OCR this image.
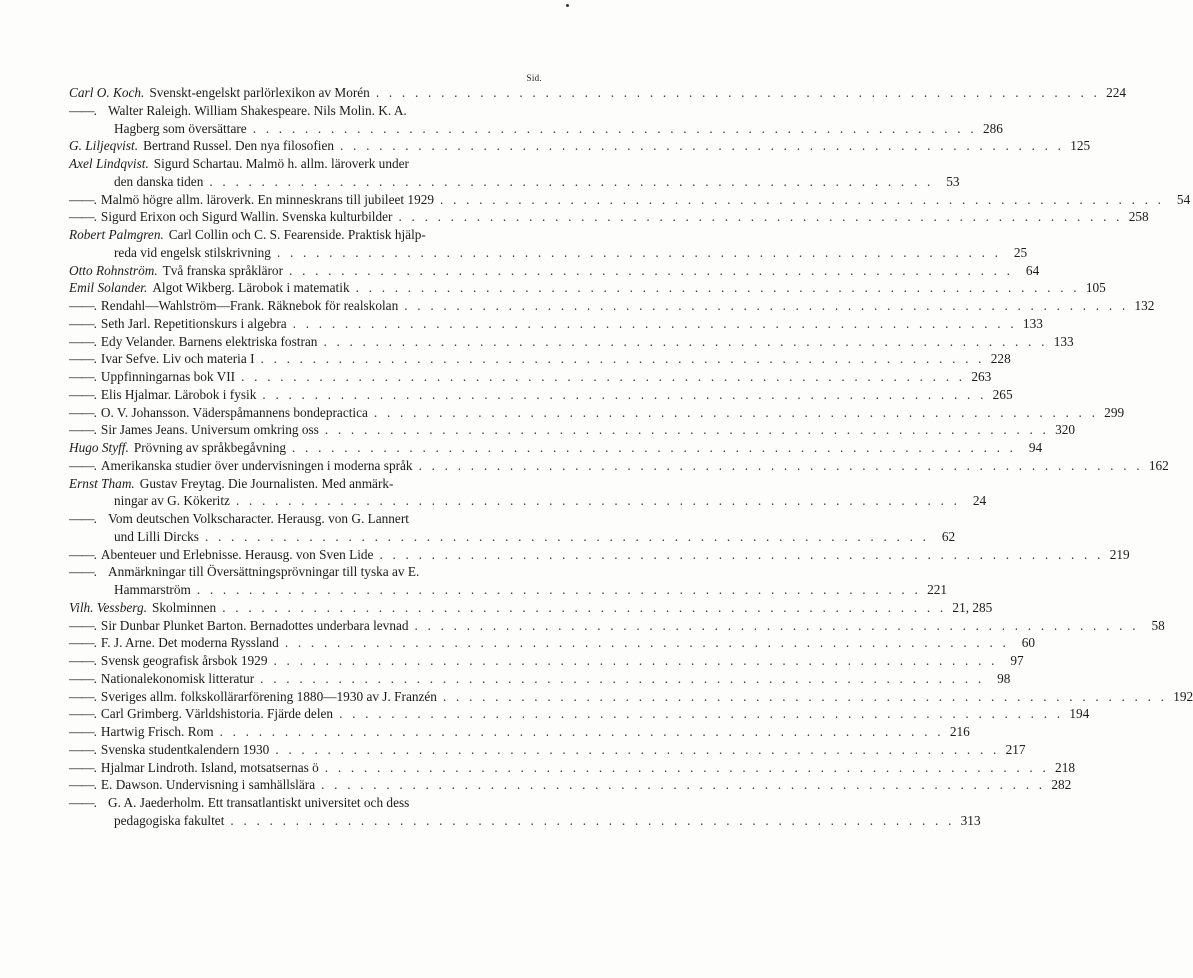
Sid.
Carl O. Koch. Svenskt-engelskt parlörlexikon av Morén . . . . . . . . . . . . . . . . . . . . . . . . . . . . . . . . . . . . . . . . . . . . . . . . . . . . . . . . 224
——. Walter Raleigh. William Shakespeare. Nils Molin. K. A.
Hagberg som översättare . . . . . . . . . . . . . . . . . . . . . . . . . . . . . . . . . . . . . . . . . . . . . . . . . . . . . . . . 286
G. Liljeqvist. Bertrand Russel. Den nya filosofien . . . . . . . . . . . . . . . . . . . . . . . . . . . . . . . . . . . . . . . . . . . . . . . . . . . . . . . . 125
Axel Lindqvist. Sigurd Schartau. Malmö h. allm. läroverk under
den danska tiden . . . . . . . . . . . . . . . . . . . . . . . . . . . . . . . . . . . . . . . . . . . . . . . . . . . . . . . . 53
——. Malmö högre allm. läroverk. En minneskrans till jubileet 1929 . . . . . . . . . . . . . . . . . . . . . . . . . . . . . . . . . . . . . . . . . . . . . . . . . . . . . . . . 54
——. Sigurd Erixon och Sigurd Wallin. Svenska kulturbilder . . . . . . . . . . . . . . . . . . . . . . . . . . . . . . . . . . . . . . . . . . . . . . . . . . . . . . . . 258
Robert Palmgren. Carl Collin och C. S. Fearenside. Praktisk hjälp-
reda vid engelsk stilskrivning . . . . . . . . . . . . . . . . . . . . . . . . . . . . . . . . . . . . . . . . . . . . . . . . . . . . . . . . 25
Otto Rohnström. Två franska språkläror . . . . . . . . . . . . . . . . . . . . . . . . . . . . . . . . . . . . . . . . . . . . . . . . . . . . . . . . 64
Emil Solander. Algot Wikberg. Lärobok i matematik . . . . . . . . . . . . . . . . . . . . . . . . . . . . . . . . . . . . . . . . . . . . . . . . . . . . . . . . 105
——. Rendahl—Wahlström—Frank. Räknebok för realskolan . . . . . . . . . . . . . . . . . . . . . . . . . . . . . . . . . . . . . . . . . . . . . . . . . . . . . . . . 132
——. Seth Jarl. Repetitionskurs i algebra . . . . . . . . . . . . . . . . . . . . . . . . . . . . . . . . . . . . . . . . . . . . . . . . . . . . . . . . 133
——. Edy Velander. Barnens elektriska fostran . . . . . . . . . . . . . . . . . . . . . . . . . . . . . . . . . . . . . . . . . . . . . . . . . . . . . . . . 133
——. Ivar Sefve. Liv och materia I . . . . . . . . . . . . . . . . . . . . . . . . . . . . . . . . . . . . . . . . . . . . . . . . . . . . . . . . 228
——. Uppfinningarnas bok VII . . . . . . . . . . . . . . . . . . . . . . . . . . . . . . . . . . . . . . . . . . . . . . . . . . . . . . . . 263
——. Elis Hjalmar. Lärobok i fysik . . . . . . . . . . . . . . . . . . . . . . . . . . . . . . . . . . . . . . . . . . . . . . . . . . . . . . . . 265
——. O. V. Johansson. Väderspåmannens bondepractica . . . . . . . . . . . . . . . . . . . . . . . . . . . . . . . . . . . . . . . . . . . . . . . . . . . . . . . . 299
——. Sir James Jeans. Universum omkring oss . . . . . . . . . . . . . . . . . . . . . . . . . . . . . . . . . . . . . . . . . . . . . . . . . . . . . . . . 320
Hugo Styff. Prövning av språkbegåvning . . . . . . . . . . . . . . . . . . . . . . . . . . . . . . . . . . . . . . . . . . . . . . . . . . . . . . . . 94
——. Amerikanska studier över undervisningen i moderna språk . . . . . . . . . . . . . . . . . . . . . . . . . . . . . . . . . . . . . . . . . . . . . . . . . . . . . . . . 162
Ernst Tham. Gustav Freytag. Die Journalisten. Med anmärk-
ningar av G. Kökeritz . . . . . . . . . . . . . . . . . . . . . . . . . . . . . . . . . . . . . . . . . . . . . . . . . . . . . . . . 24
——. Vom deutschen Volkscharacter. Herausg. von G. Lannert
und Lilli Dircks . . . . . . . . . . . . . . . . . . . . . . . . . . . . . . . . . . . . . . . . . . . . . . . . . . . . . . . . 62
——. Abenteuer und Erlebnisse. Herausg. von Sven Lide . . . . . . . . . . . . . . . . . . . . . . . . . . . . . . . . . . . . . . . . . . . . . . . . . . . . . . . . 219
——. Anmärkningar till Översättningsprövningar till tyska av E.
Hammarström . . . . . . . . . . . . . . . . . . . . . . . . . . . . . . . . . . . . . . . . . . . . . . . . . . . . . . . . 221
Vilh. Vessberg. Skolminnen . . . . . . . . . . . . . . . . . . . . . . . . . . . . . . . . . . . . . . . . . . . . . . . . . . . . . . . . 21, 285
——. Sir Dunbar Plunket Barton. Bernadottes underbara levnad . . . . . . . . . . . . . . . . . . . . . . . . . . . . . . . . . . . . . . . . . . . . . . . . . . . . . . . . 58
——. F. J. Arne. Det moderna Ryssland . . . . . . . . . . . . . . . . . . . . . . . . . . . . . . . . . . . . . . . . . . . . . . . . . . . . . . . . 60
——. Svensk geografisk årsbok 1929 . . . . . . . . . . . . . . . . . . . . . . . . . . . . . . . . . . . . . . . . . . . . . . . . . . . . . . . . 97
——. Nationalekonomisk litteratur . . . . . . . . . . . . . . . . . . . . . . . . . . . . . . . . . . . . . . . . . . . . . . . . . . . . . . . . 98
——. Sveriges allm. folkskollärarförening 1880—1930 av J. Franzén . . . . . . . . . . . . . . . . . . . . . . . . . . . . . . . . . . . . . . . . . . . . . . . . . . . . . . . . 192
——. Carl Grimberg. Världshistoria. Fjärde delen . . . . . . . . . . . . . . . . . . . . . . . . . . . . . . . . . . . . . . . . . . . . . . . . . . . . . . . . 194
——. Hartwig Frisch. Rom . . . . . . . . . . . . . . . . . . . . . . . . . . . . . . . . . . . . . . . . . . . . . . . . . . . . . . . . 216
——. Svenska studentkalendern 1930 . . . . . . . . . . . . . . . . . . . . . . . . . . . . . . . . . . . . . . . . . . . . . . . . . . . . . . . . 217
——. Hjalmar Lindroth. Island, motsatsernas ö . . . . . . . . . . . . . . . . . . . . . . . . . . . . . . . . . . . . . . . . . . . . . . . . . . . . . . . . 218
——. E. Dawson. Undervisning i samhällslära . . . . . . . . . . . . . . . . . . . . . . . . . . . . . . . . . . . . . . . . . . . . . . . . . . . . . . . . 282
——. G. A. Jaederholm. Ett transatlantiskt universitet och dess
pedagogiska fakultet . . . . . . . . . . . . . . . . . . . . . . . . . . . . . . . . . . . . . . . . . . . . . . . . . . . . . . . . 313
